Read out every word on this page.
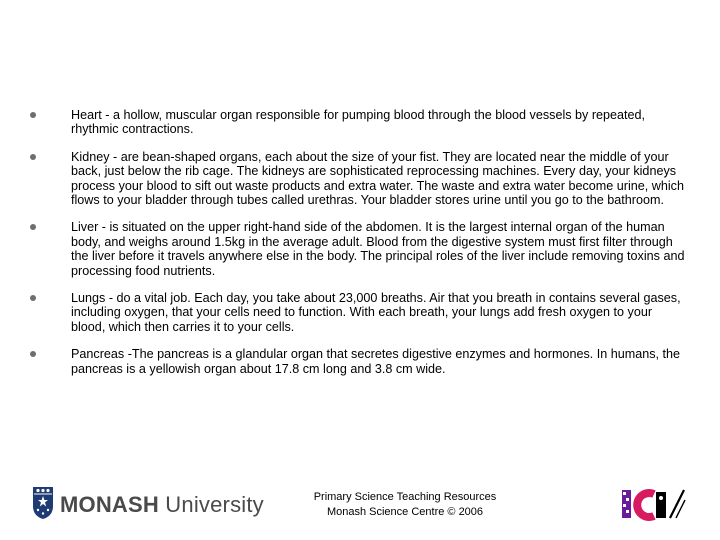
Heart - a hollow, muscular organ responsible for pumping blood through the blood vessels by repeated, rhythmic contractions.
Kidney - are bean-shaped organs, each about the size of your fist. They are located near the middle of your back, just below the rib cage. The kidneys are sophisticated reprocessing machines. Every day, your kidneys process your blood to sift out waste products and extra water. The waste and extra water become urine, which flows to your bladder through tubes called urethras. Your bladder stores urine until you go to the bathroom.
Liver - is situated on the upper right-hand side of the abdomen. It is the largest internal organ of the human body, and weighs around 1.5kg in the average adult. Blood from the digestive system must first filter through the liver before it travels anywhere else in the body. The principal roles of the liver include removing toxins and processing food nutrients.
Lungs - do a vital job. Each day, you take about 23,000 breaths. Air that you breath in contains several gases, including oxygen, that your cells need to function. With each breath, your lungs add fresh oxygen to your blood, which then carries it to your cells.
Pancreas -The pancreas is a glandular organ that secretes digestive enzymes and hormones. In humans, the pancreas is a yellowish organ about 17.8 cm long and 3.8 cm wide.
MONASH University	Primary Science Teaching Resources
Monash Science Centre © 2006
